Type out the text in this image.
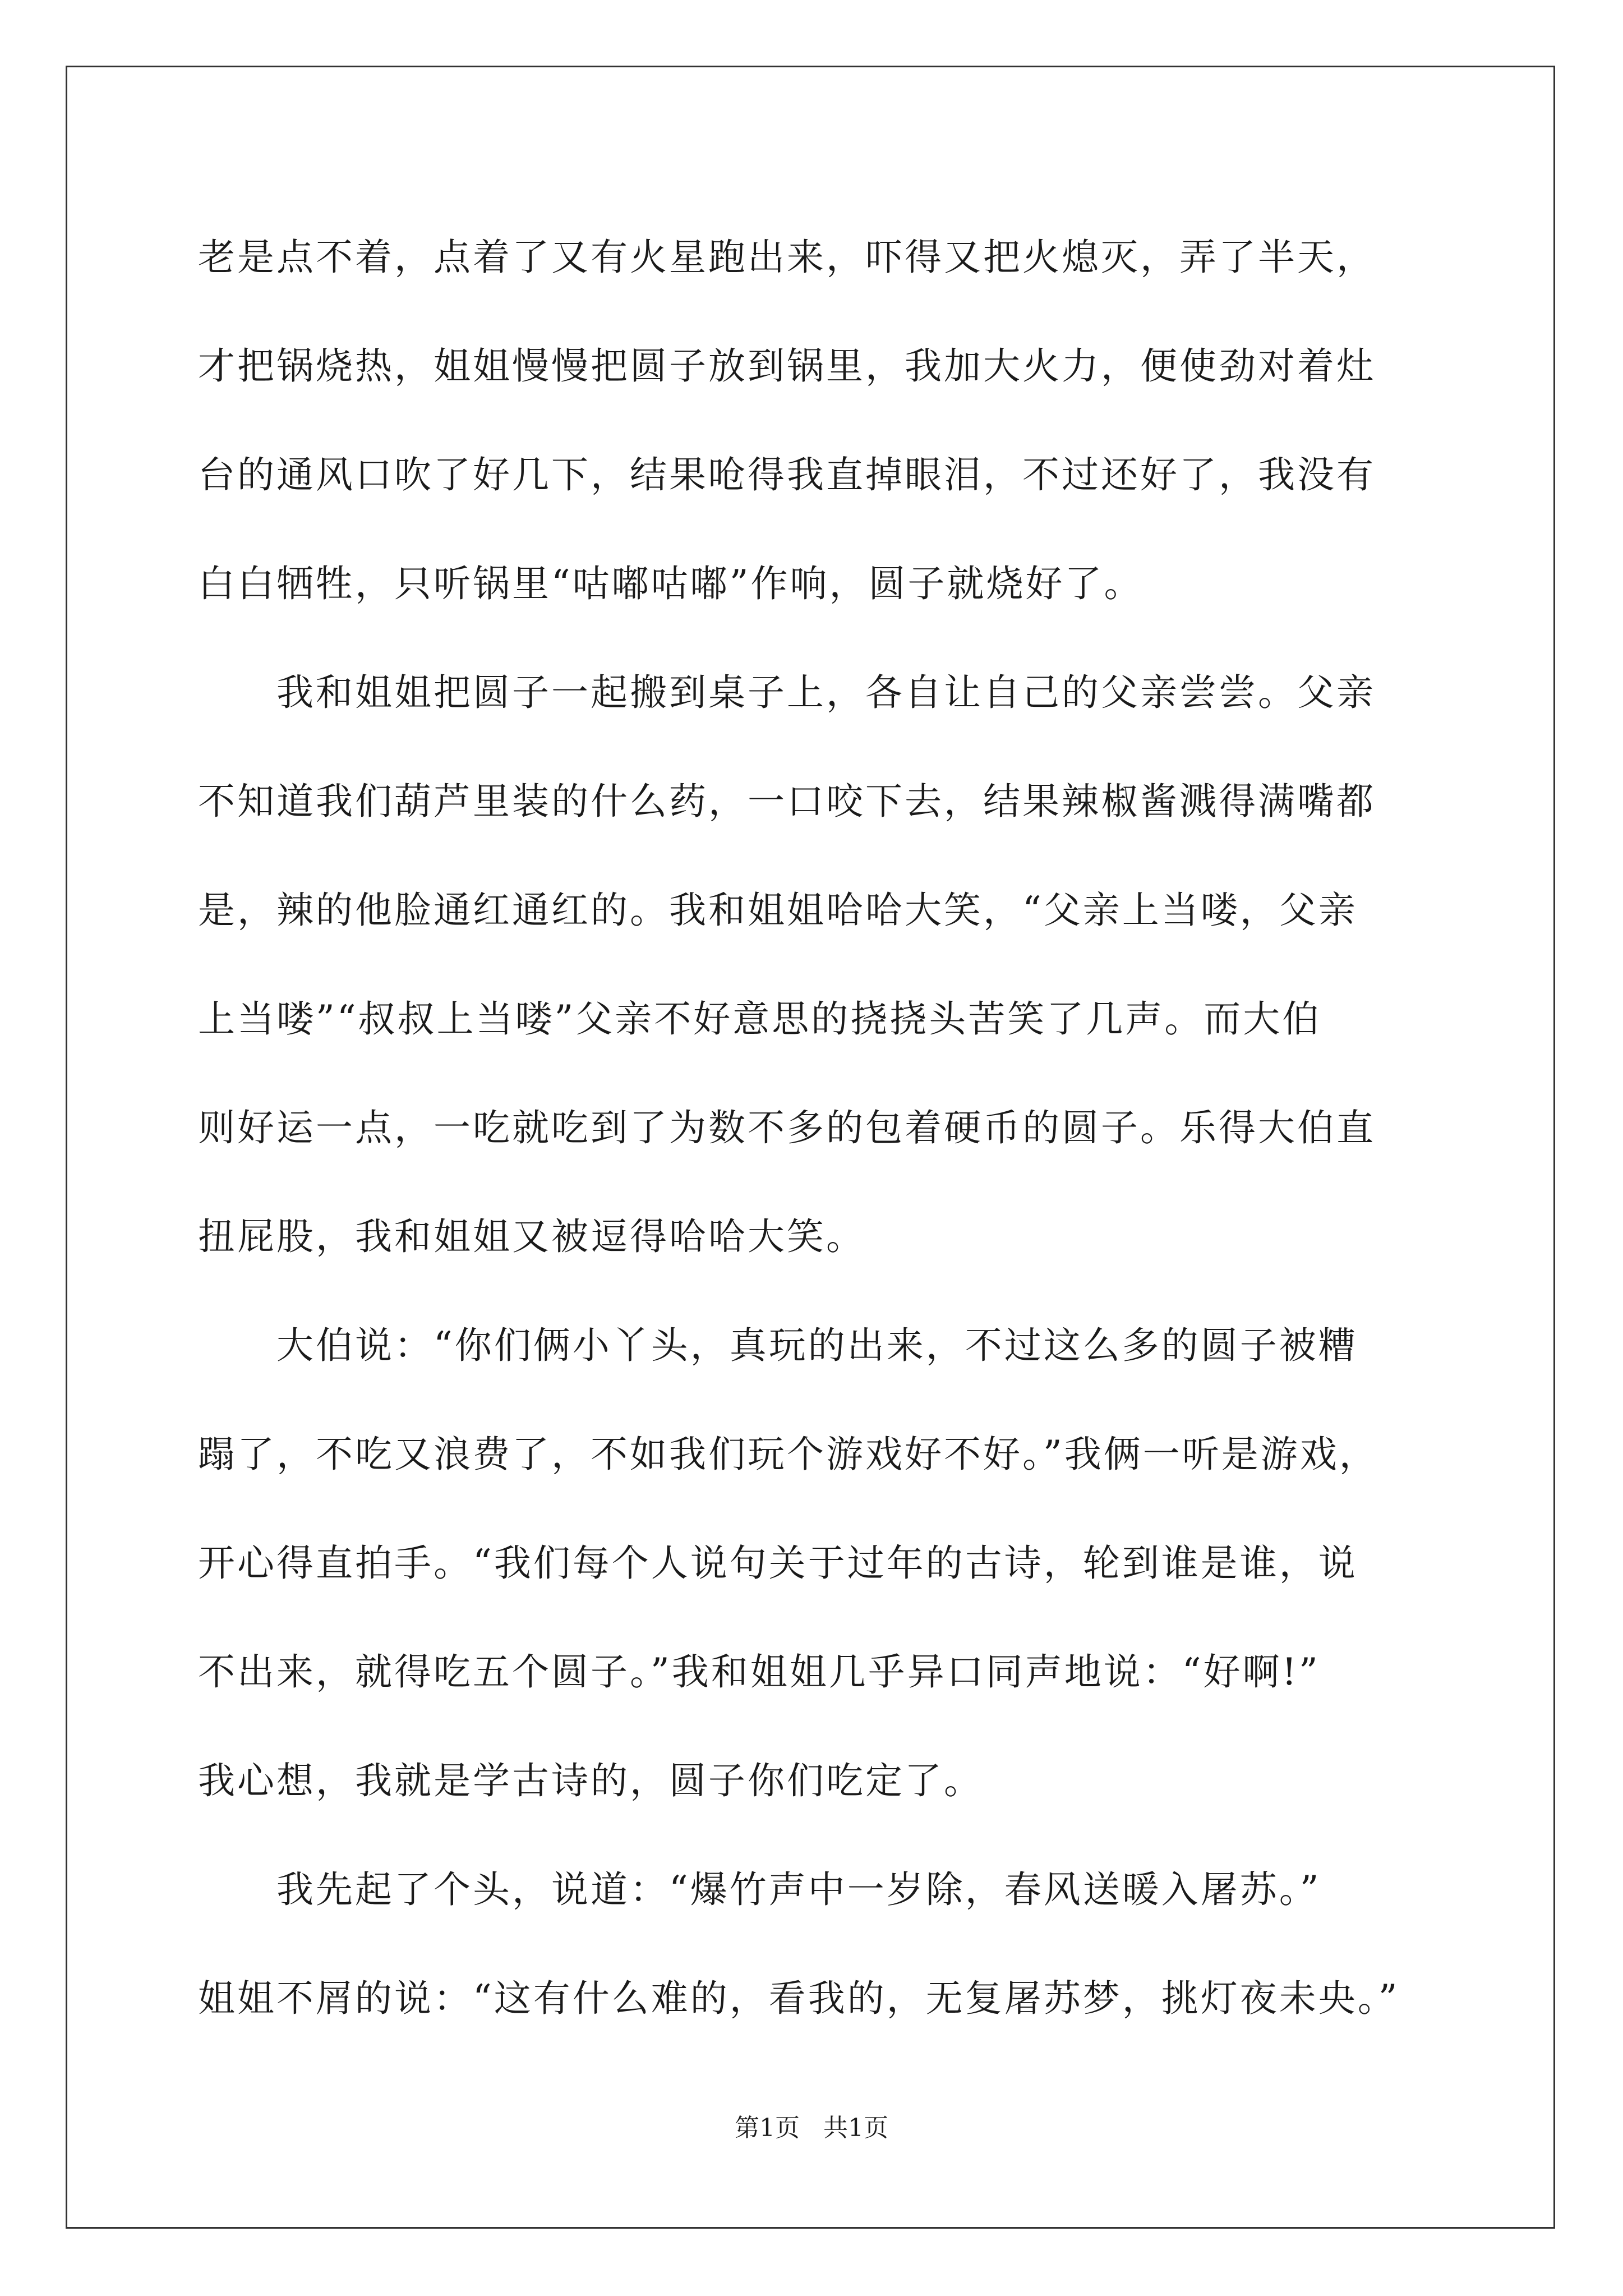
老是点不着，点着了又有火星跑出来，吓得又把火熄灭，弄了半天，
才把锅烧热，姐姐慢慢把圆子放到锅里，我加大火力，便使劲对着灶
台的通风口吹了好几下，结果呛得我直掉眼泪，不过还好了，我没有
白白牺牲，只听锅里“咕嘟咕嘟”作响，圆子就烧好了。
　　我和姐姐把圆子一起搬到桌子上，各自让自己的父亲尝尝。父亲
不知道我们葫芦里装的什么药，一口咬下去，结果辣椒酱溅得满嘴都
是，辣的他脸通红通红的。我和姐姐哈哈大笑，“父亲上当喽，父亲
上当喽”“叔叔上当喽”父亲不好意思的挠挠头苦笑了几声。而大伯
则好运一点，一吃就吃到了为数不多的包着硬币的圆子。乐得大伯直
扭屁股，我和姐姐又被逗得哈哈大笑。
　　大伯说：“你们俩小丫头，真玩的出来，不过这么多的圆子被糟
蹋了，不吃又浪费了，不如我们玩个游戏好不好。”我俩一听是游戏，
开心得直拍手。“我们每个人说句关于过年的古诗，轮到谁是谁，说
不出来，就得吃五个圆子。”我和姐姐几乎异口同声地说：“好啊!”
我心想，我就是学古诗的，圆子你们吃定了。
　　我先起了个头，说道：“爆竹声中一岁除，春风送暖入屠苏。”
姐姐不屑的说：“这有什么难的，看我的，无复屠苏梦，挑灯夜未央。”
第1页   共1页
